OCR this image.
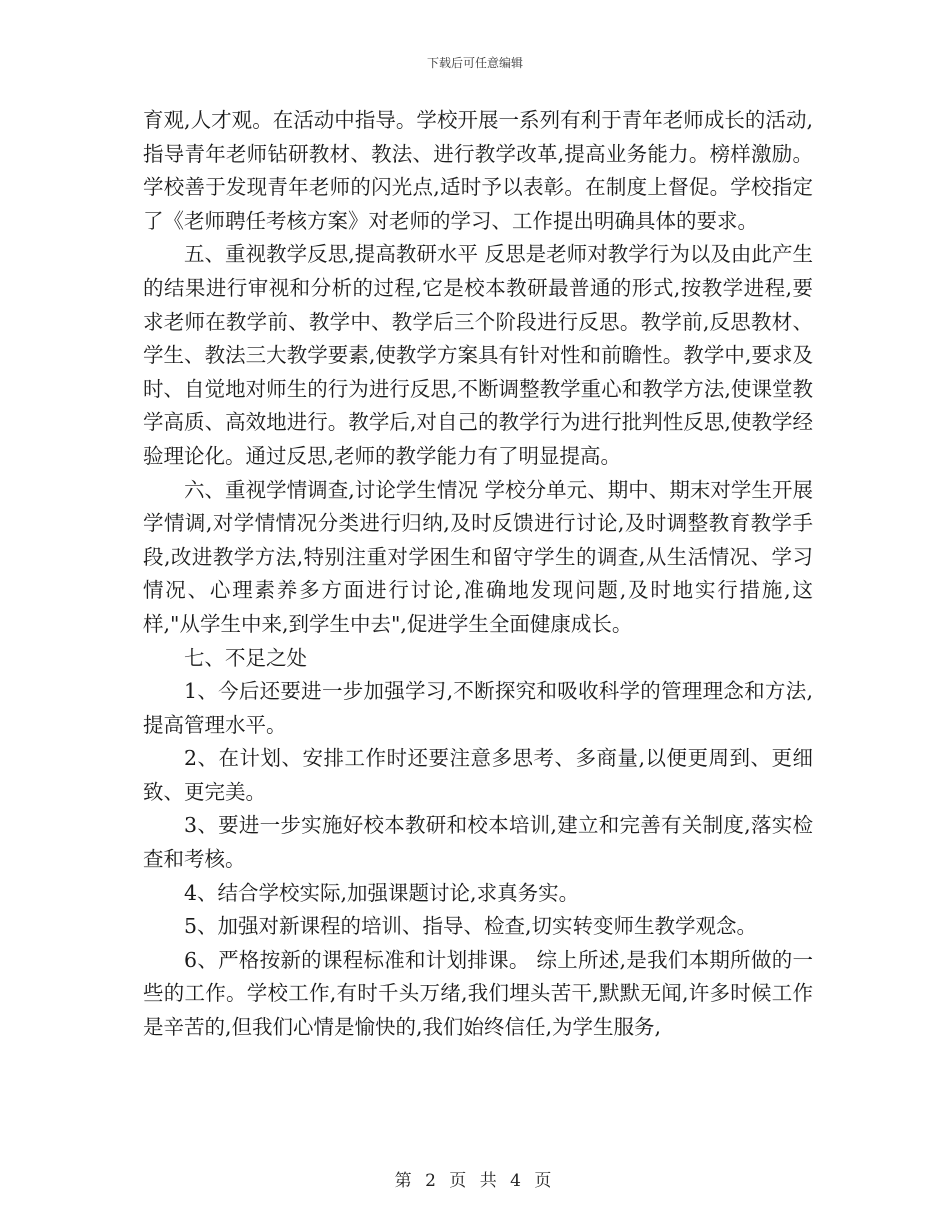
下载后可任意编辑

育观,人才观。在活动中指导。学校开展一系列有利于青年老师成长的活动,指导青年老师钻研教材、教法、进行教学改革,提高业务能力。榜样激励。学校善于发现青年老师的闪光点,适时予以表彰。在制度上督促。学校指定了《老师聘任考核方案》对老师的学习、工作提出明确具体的要求。

五、重视教学反思,提高教研水平 反思是老师对教学行为以及由此产生的结果进行审视和分析的过程,它是校本教研最普通的形式,按教学进程,要求老师在教学前、教学中、教学后三个阶段进行反思。教学前,反思教材、学生、教法三大教学要素,使教学方案具有针对性和前瞻性。教学中,要求及时、自觉地对师生的行为进行反思,不断调整教学重心和教学方法,使课堂教学高质、高效地进行。教学后,对自己的教学行为进行批判性反思,使教学经验理论化。通过反思,老师的教学能力有了明显提高。

六、重视学情调查,讨论学生情况 学校分单元、期中、期末对学生开展学情调,对学情情况分类进行归纳,及时反馈进行讨论,及时调整教育教学手段,改进教学方法,特别注重对学困生和留守学生的调查,从生活情况、学习情况、心理素养多方面进行讨论,准确地发现问题,及时地实行措施,这样,"从学生中来,到学生中去",促进学生全面健康成长。

七、不足之处

1、今后还要进一步加强学习,不断探究和吸收科学的管理理念和方法,提高管理水平。

2、在计划、安排工作时还要注意多思考、多商量,以便更周到、更细致、更完美。

3、要进一步实施好校本教研和校本培训,建立和完善有关制度,落实检查和考核。

4、结合学校实际,加强课题讨论,求真务实。

5、加强对新课程的培训、指导、检查,切实转变师生教学观念。

6、严格按新的课程标准和计划排课。 综上所述,是我们本期所做的一些的工作。学校工作,有时千头万绪,我们埋头苦干,默默无闻,许多时候工作是辛苦的,但我们心情是愉快的,我们始终信任,为学生服务,

第 2 页 共 4 页
